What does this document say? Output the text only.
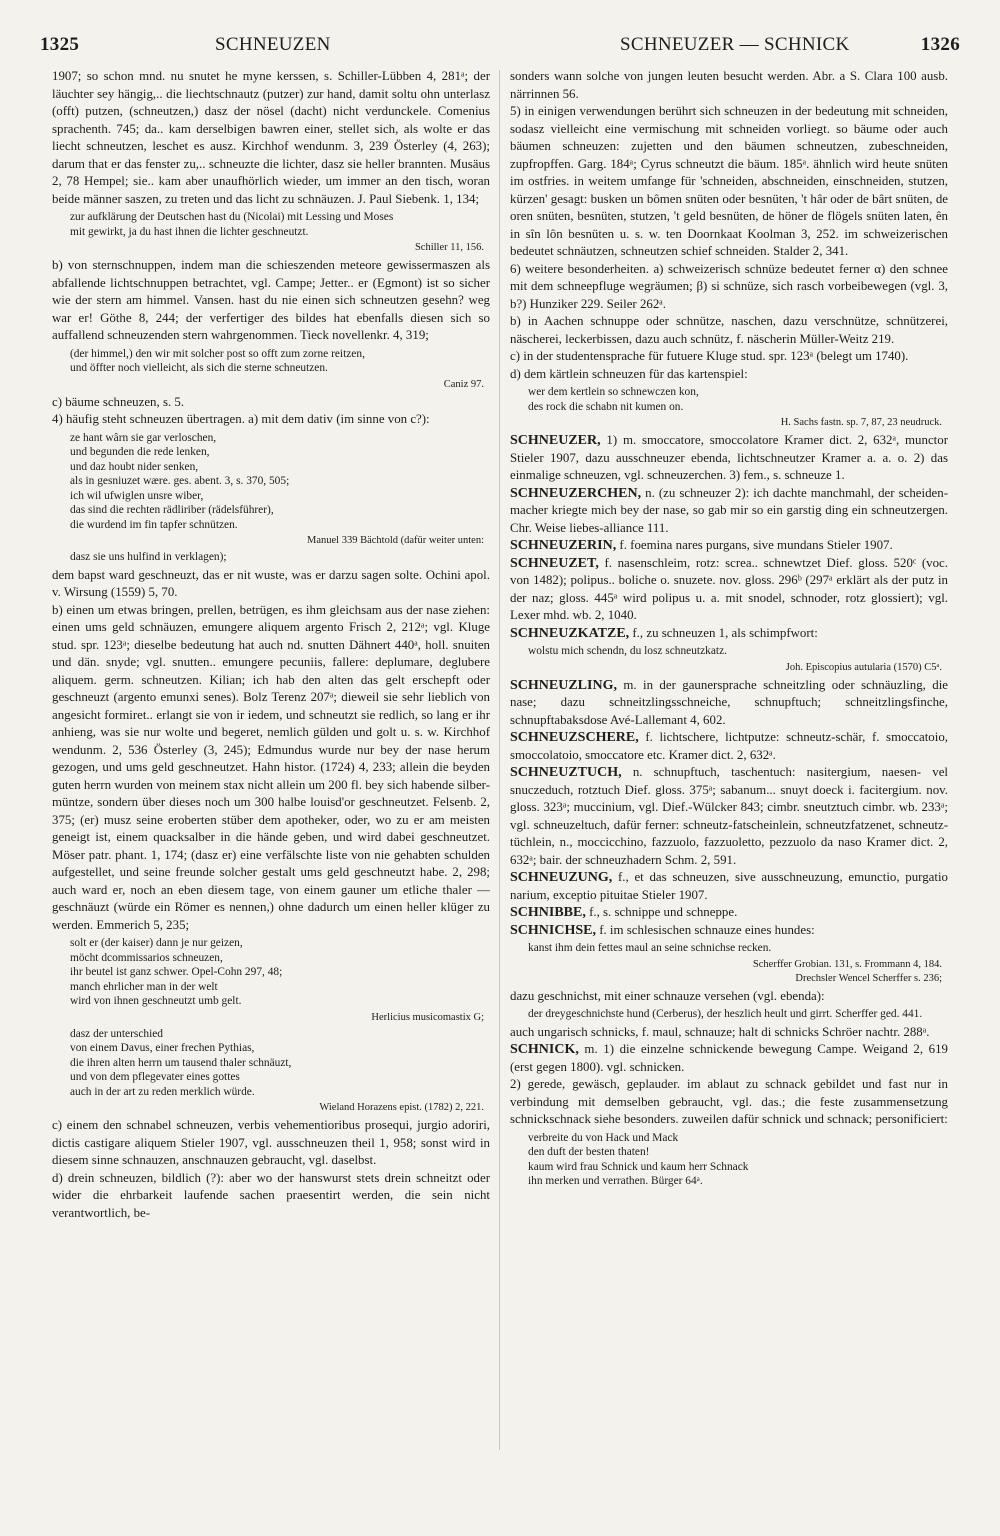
1325	SCHNEUZEN	SCHNEUZER — SCHNICK	1326

1907; so schon mnd. nu snutet he myne kerssen, s. Schiller-Lübben 4, 281ᵃ; der läuchter sey hängig,.. die liechtschnautz (putzer) zur hand, damit soltu ohn unterlasz (offt) putzen, (schneutzen,) dasz der nösel (dacht) nicht verdunckele. Comenius sprachenth. 745; da.. kam derselbigen bawren einer, stellet sich, als wolte er das liecht schneutzen, leschet es ausz. Kirchhof wendunm. 3, 239 Österley (4, 263); darum that er das fenster zu,.. schneuzte die lichter, dasz sie heller brannten. Musäus 2, 78 Hempel; sie.. kam aber unaufhörlich wieder, um immer an den tisch, woran beide männer saszen, zu treten und das licht zu schnäuzen. J. Paul Siebenk. 1, 134;

zur aufklärung der Deutschen hast du (Nicolai) mit Lessing und Moses
mit gewirkt, ja du hast ihnen die lichter geschneutzt.

Schiller 11, 156.

b) von sternschnuppen, indem man die schieszenden meteore gewissermaszen als abfallende lichtschnuppen betrachtet, vgl. Campe; Jetter.. er (Egmont) ist so sicher wie der stern am himmel. Vansen. hast du nie einen sich schneutzen gesehn? weg war er! Göthe 8, 244; der verfertiger des bildes hat ebenfalls diesen sich so auffallend schneuzenden stern wahrgenommen. Tieck novellenkr. 4, 319;

(der himmel,) den wir mit solcher post so offt zum zorne reitzen,
und öffter noch vielleicht, als sich die sterne schneutzen.

Caniz 97.

c) bäume schneuzen, s. 5.

4) häufig steht schneuzen übertragen. a) mit dem dativ (im sinne von c?):

ze hant wârn sie gar verloschen,
und begunden die rede lenken,
und daz houbt nider senken,
als in gesniuzet wære. ges. abent. 3, s. 370, 505;
ich wil ufwiglen unsre wiber,
das sind die rechten rädliriber (rädelsführer),
die wurdend im fin tapfer schnützen.

Manuel 339 Bächtold (dafür weiter unten:

dasz sie uns hulfind in verklagen);

dem bapst ward geschneuzt, das er nit wuste, was er darzu sagen solte. Ochini apol. v. Wirsung (1559) 5, 70.

b) einen um etwas bringen, prellen, betrügen, es ihm gleichsam aus der nase ziehen: einen ums geld schnäuzen, emungere aliquem argento Frisch 2, 212ᵃ; vgl. Kluge stud. spr. 123ᵃ; dieselbe bedeutung hat auch nd. snutten Dähnert 440ᵃ, holl. snuiten und dän. snyde; vgl. snutten.. emungere pecuniis, fallere: deplumare, deglubere aliquem. germ. schneutzen. Kilian; ich hab den alten das gelt erschepft oder geschneuzt (argento emunxi senes). Bolz Terenz 207ᵃ; dieweil sie sehr lieblich von angesicht formiret.. erlangt sie von ir iedem, und schneutzt sie redlich, so lang er ihr anhieng, was sie nur wolte und begeret, nemlich gülden und golt u. s. w. Kirchhof wendunm. 2, 536 Österley (3, 245); Edmundus wurde nur bey der nase herum gezogen, und ums geld geschneutzet. Hahn histor. (1724) 4, 233; allein die beyden guten herrn wurden von meinem stax nicht allein um 200 fl. bey sich habende silber-müntze, sondern über dieses noch um 300 halbe louisd'or geschneutzet. Felsenb. 2, 375; (er) musz seine eroberten stüber dem apotheker, oder, wo zu er am meisten geneigt ist, einem quacksalber in die hände geben, und wird dabei geschneutzet. Möser patr. phant. 1, 174; (dasz er) eine verfälschte liste von nie gehabten schulden aufgestellet, und seine freunde solcher gestalt ums geld geschneutzt habe. 2, 298; auch ward er, noch an eben diesem tage, von einem gauner um etliche thaler — geschnäuzt (würde ein Römer es nennen,) ohne dadurch um einen heller klüger zu werden. Emmerich 5, 235;

solt er (der kaiser) dann je nur geizen,
möcht dcommissarios schneuzen,
ihr beutel ist ganz schwer. Opel-Cohn 297, 48;
manch ehrlicher man in der welt
wird von ihnen geschneutzt umb gelt.

Herlicius musicomastix G;

dasz der unterschied
von einem Davus, einer frechen Pythias,
die ihren alten herrn um tausend thaler schnäuzt,
und von dem pflegevater eines gottes
auch in der art zu reden merklich würde.

Wieland Horazens epist. (1782) 2, 221.

c) einem den schnabel schneuzen, verbis vehementioribus prosequi, jurgio adoriri, dictis castigare aliquem Stieler 1907, vgl. ausschneuzen theil 1, 958; sonst wird in diesem sinne schnauzen, anschnauzen gebraucht, vgl. daselbst.

d) drein schneuzen, bildlich (?): aber wo der hanswurst stets drein schneitzt oder wider die ehrbarkeit laufende sachen praesentirt werden, die sein nicht verantwortlich, be-

sonders wann solche von jungen leuten besucht werden. Abr. a S. Clara 100 ausb. närrinnen 56.

5) in einigen verwendungen berührt sich schneuzen in der bedeutung mit schneiden, sodasz vielleicht eine vermischung mit schneiden vorliegt. so bäume oder auch bäumen schneuzen: zujetten und den bäumen schneutzen, zubeschneiden, zupfropffen. Garg. 184ᵃ; Cyrus schneutzt die bäum. 185ᵃ. ähnlich wird heute snüten im ostfries. in weitem umfange für 'schneiden, abschneiden, einschneiden, stutzen, kürzen' gesagt: busken un bômen snüten oder besnüten, 't hâr oder de bârt snüten, de oren snüten, besnüten, stutzen, 't geld besnüten, de höner de flögels snüten laten, ên in sîn lôn besnüten u. s. w. ten Doornkaat Koolman 3, 252. im schweizerischen bedeutet schnäutzen, schneutzen schief schneiden. Stalder 2, 341.

6) weitere besonderheiten. a) schweizerisch schnüze bedeutet ferner α) den schnee mit dem schneepfluge wegräumen; β) si schnüze, sich rasch vorbeibewegen (vgl. 3, b?) Hunziker 229. Seiler 262ᵃ.

b) in Aachen schnuppe oder schnütze, naschen, dazu verschnütze, schnützerei, näscherei, leckerbissen, dazu auch schnütz, f. näscherin Müller-Weitz 219.

c) in der studentensprache für futuere Kluge stud. spr. 123ᵃ (belegt um 1740).

d) dem kärtlein schneuzen für das kartenspiel:

wer dem kertlein so schnewczen kon,
des rock die schabn nit kumen on.

H. Sachs fastn. sp. 7, 87, 23 neudruck.

SCHNEUZER, 1) m. smoccatore, smoccolatore Kramer dict. 2, 632ᵃ, munctor Stieler 1907, dazu ausschneuzer ebenda, lichtschneutzer Kramer a. a. o. 2) das einmalige schneuzen, vgl. schneuzerchen. 3) fem., s. schneuze 1.

SCHNEUZERCHEN, n. (zu schneuzer 2): ich dachte manchmahl, der scheiden-macher kriegte mich bey der nase, so gab mir so ein garstig ding ein schneutzergen. Chr. Weise liebes-alliance 111.

SCHNEUZERIN, f. foemina nares purgans, sive mundans Stieler 1907.

SCHNEUZET, f. nasenschleim, rotz: screa.. schnewtzet Dief. gloss. 520ᶜ (voc. von 1482); polipus.. boliche o. snuzete. nov. gloss. 296ᵇ (297ᵃ erklärt als der putz in der naz; gloss. 445ᵃ wird polipus u. a. mit snodel, schnoder, rotz glossiert); vgl. Lexer mhd. wb. 2, 1040.

SCHNEUZKATZE, f., zu schneuzen 1, als schimpfwort:

wolstu mich schendn, du losz schneutzkatz.

Joh. Episcopius autularia (1570) C5ᵃ.

SCHNEUZLING, m. in der gaunersprache schneitzling oder schnäuzling, die nase; dazu schneitzlingsschneiche, schnupftuch; schneitzlingsfinche, schnupftabaksdose Avé-Lallemant 4, 602.

SCHNEUZSCHERE, f. lichtschere, lichtputze: schneutz-schär, f. smoccatoio, smoccolatoio, smoccatore etc. Kramer dict. 2, 632ᵃ.

SCHNEUZTUCH, n. schnupftuch, taschentuch: nasitergium, naesen- vel snuczeduch, rotztuch Dief. gloss. 375ᵃ; sabanum... snuyt doeck i. facitergium. nov. gloss. 323ᵃ; muccinium, vgl. Dief.-Wülcker 843; cimbr. sneutztuch cimbr. wb. 233ᵃ; vgl. schneuzeltuch, dafür ferner: schneutz-fatscheinlein, schneutzfatzenet, schneutz-tüchlein, n., moccicchino, fazzuolo, fazzuoletto, pezzuolo da naso Kramer dict. 2, 632ᵃ; bair. der schneuzhadern Schm. 2, 591.

SCHNEUZUNG, f., et das schneuzen, sive ausschneuzung, emunctio, purgatio narium, exceptio pituitae Stieler 1907.

SCHNIBBE, f., s. schnippe und schneppe.

SCHNICHSE, f. im schlesischen schnauze eines hundes:

kanst ihm dein fettes maul an seine schnichse recken.

Scherffer Grobian. 131, s. Frommann 4, 184.
Drechsler Wencel Scherffer s. 236;

dazu geschnichst, mit einer schnauze versehen (vgl. ebenda):

der dreygeschnichste hund (Cerberus), der heszlich heult und girrt. Scherffer ged. 441.

auch ungarisch schnicks, f. maul, schnauze; halt di schnicks Schröer nachtr. 288ᵃ.

SCHNICK, m. 1) die einzelne schnickende bewegung Campe. Weigand 2, 619 (erst gegen 1800). vgl. schnicken.

2) gerede, gewäsch, geplauder. im ablaut zu schnack gebildet und fast nur in verbindung mit demselben gebraucht, vgl. das.; die feste zusammensetzung schnickschnack siehe besonders. zuweilen dafür schnick und schnack; personificiert:

verbreite du von Hack und Mack
den duft der besten thaten!
kaum wird frau Schnick und kaum herr Schnack
ihn merken und verrathen. Bürger 64ᵃ.
